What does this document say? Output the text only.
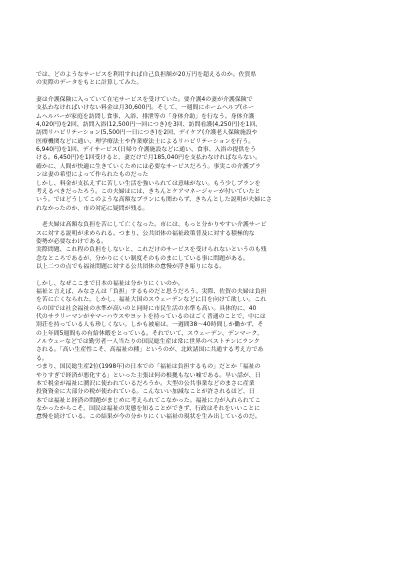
では、どのようなサービスを利用すれば自己負担額が20万円を超えるのか。佐賀県

の実際のデータをもとに計算してみた。

妻は介護保険に入っていて在宅サービスを受けていた。要介護4の妻が介護保険で

支払わなければいけない料金は月30,600円。そして、一週間にホームヘルプ(ホー

ムヘルパーが家庭を訪問し食事、入浴、排泄等の「身体介助」を行なう。身体介護

4,020円)を2回、訪問入浴(12,500円一回につき)を3回、訪問看護(4,250円)を1回、

訪問リハビリテーション(5,500円一日につき)を2回、デイケア(介護老人保険施設や

医療機関などに通い、理学療法士や作業療法士によるリハビリテーションを行う。

6,940円)を1回、デイサービス(日帰り介護施設などに通い、食事、入浴の提供をう

ける。6,450円)を1回受けると、妻だけで月185,040円を支払わなければならない。

確かに、人間が快適に生きていくためには必要なサービスだろう。事実この介護プラ

ンは妻の希望によって作られたものだった

しかし、料金が支払えずに苦しい生活を強いられては意味がない。もう少しプランを

考えるべきだったろう。この夫婦はには、きちんとケアマネージャーが付いていたと

いう。ではどうしてこのような高額なプランにも関わらず、きちんとした説明が夫婦にさ

れなかったのか、市の対応に疑問が残る。

　老夫婦は高額な負担を苦にして亡くなった。市には、もっと分かりやすい介護サービ

スに対する説明が求められる。つまり、公共団体の福祉政策普及に対する積極的な

姿勢が必要なわけである。

実際問題、これ程の負担をしないと、これだけのサービスを受けられないというのも残

念なところであるが、分かりにくい制度そのものまにしている事に問題がある。

以上二つの点でも福祉問題に対する公共団体の怠慢が浮き彫りになる。

しかし、なぜここまで日本の福祉は分かりにくいのか。

福祉と言えば、みなさんは「負担」するものだと思うだろう。実際、佐賀の夫婦は負担

を苦に亡くなられた。しかし、福祉大国のスウェーデンなどに目を向けて欲しい。これ

らの国では社会福祉の水準が高いのと同時に市民生活の水準も高い。具体的に、40

代のサラリーマンがサマーハウスやヨットを持っているのはごく普通のことで、中には

別荘を持っている人も珍しくない。しかも被雇は、一週間38〜40時間しか働かず、そ

の上年間5週間もの有給休暇をとっている。それでいて、スウェーデン、デンマーク、

ノルウェーなどでは勤労者一人当たりの国民総生産は常に世界のベストテンにランク

される。「高い生産性こそ、高福祉の種」というのが、北欧諸国に共通する考え方であ

る。

つまり、国民総生産2位(1998年)の日本での「福祉は負担するもの」だとか「福祉の

やりすぎで経済が悪化する」といった主張は何の根拠もない嘘である。早い話が、日

本で税金が福祉に潤沢に使われているだろうか。大型の公共事業などのまさに産業

投資資金に大部分の税が使われている。こんないい加減なことが許されるほど、日

本では福祉と経済の問題がまじめに考えられてこなかった。福祉に力が入れられてこ

なかったからこそ、国民は福祉の実態を知ることができず、行政はそれをいいことに

怠慢を続けている。この結果が今の分かりにくい福祉の現状を生み出しているのだ。
